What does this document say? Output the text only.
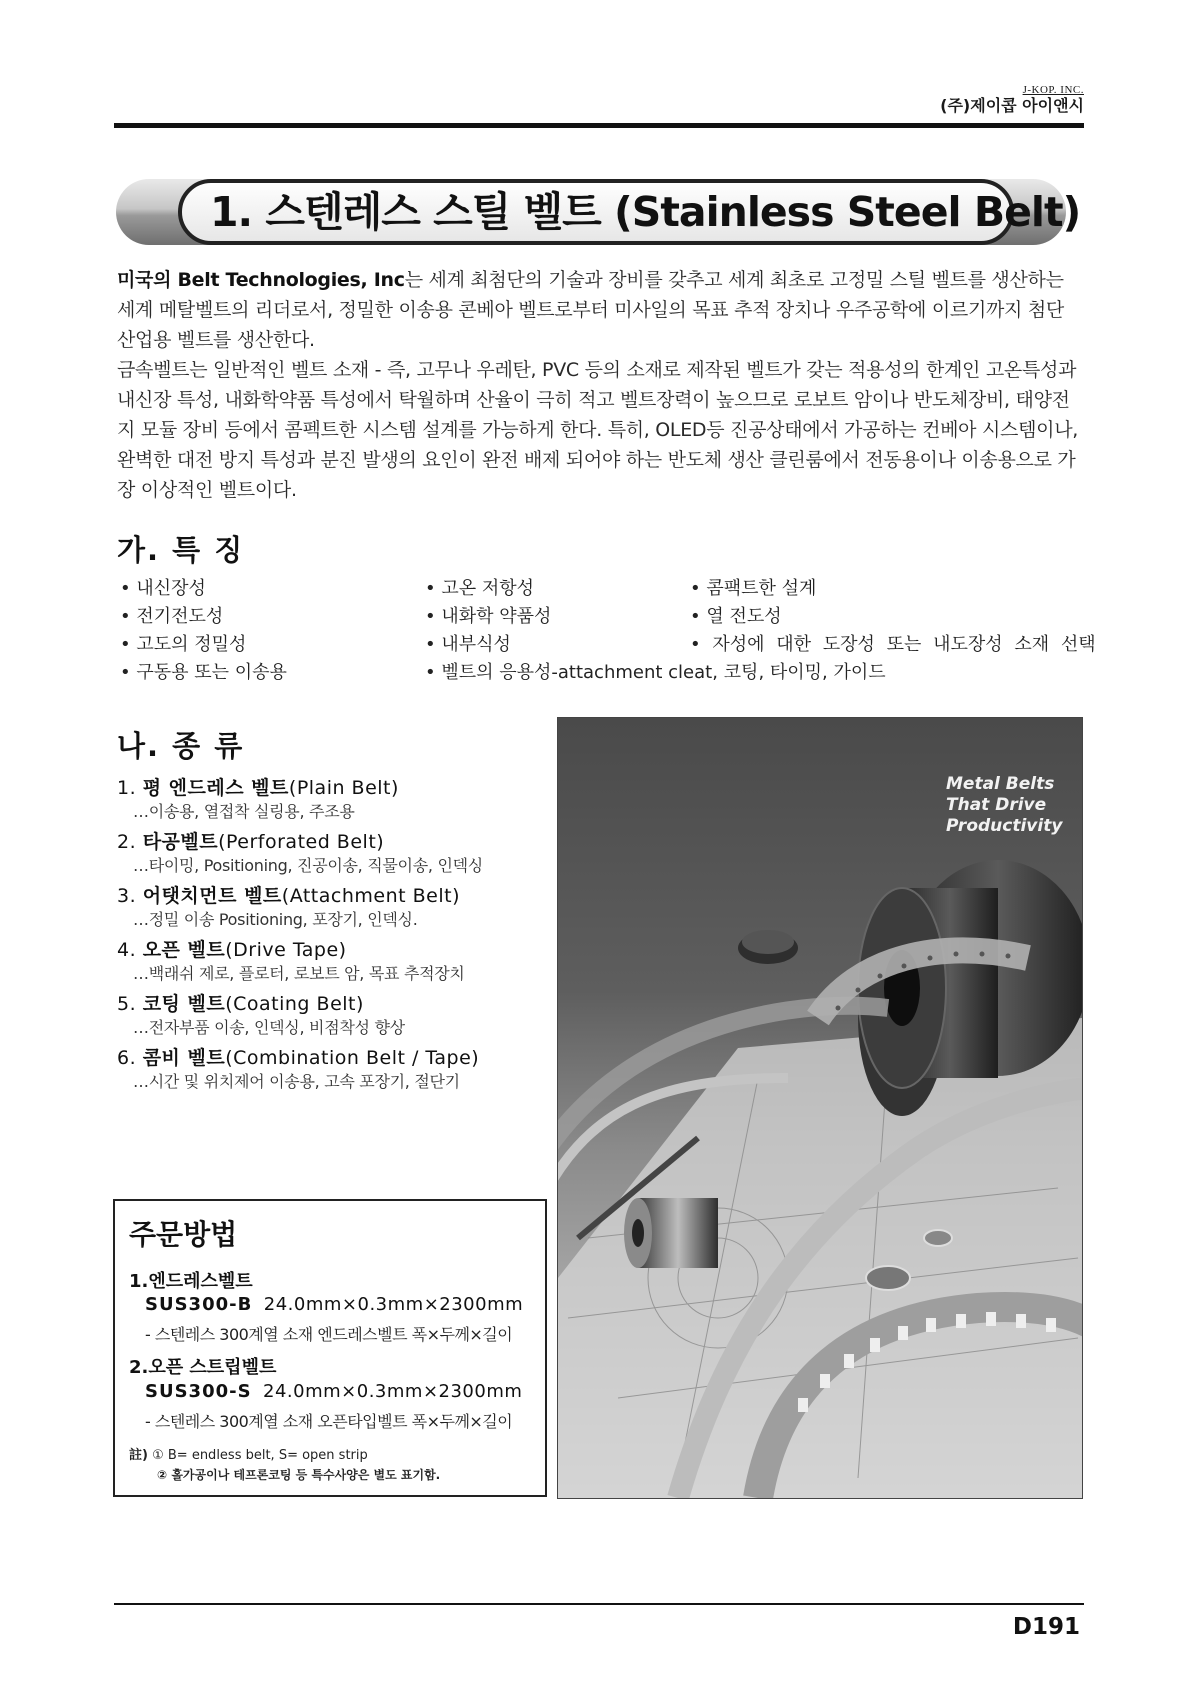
J-KOP. INC.
(주)제이콥 아이앤시
1. 스텐레스 스틸 벨트 (Stainless Steel Belt)

미국의 Belt Technologies, Inc는 세계 최첨단의 기술과 장비를 갖추고 세계 최초로 고정밀 스틸 벨트를 생산하는 세계 메탈벨트의 리더로서, 정밀한 이송용 콘베아 벨트로부터 미사일의 목표 추적 장치나 우주공학에 이르기까지 첨단 산업용 벨트를 생산한다.

금속벨트는 일반적인 벨트 소재 - 즉, 고무나 우레탄, PVC 등의 소재로 제작된 벨트가 갖는 적용성의 한계인 고온특성과 내신장 특성, 내화학약품 특성에서 탁월하며 산율이 극히 적고 벨트장력이 높으므로 로보트 암이나 반도체장비, 태양전지 모듈 장비 등에서 콤펙트한 시스템 설계를 가능하게 한다. 특히, OLED등 진공상태에서 가공하는 컨베아 시스템이나, 완벽한 대전 방지 특성과 분진 발생의 요인이 완전 배제 되어야 하는 반도체 생산 클린룸에서 전동용이나 이송용으로 가장 이상적인 벨트이다.

가. 특 징
• 내신장성	• 고온 저항성	• 콤팩트한 설계
• 전기전도성	• 내화학 약품성	• 열 전도성
• 고도의 정밀성	• 내부식성	• 자성에 대한 도장성 또는 내도장성 소재 선택
• 구동용 또는 이송용	• 벨트의 응용성-attachment cleat, 코팅, 타이밍, 가이드
나. 종 류
1. 평 엔드레스 벨트(Plain Belt)
…이송용, 열접착 실링용, 주조용
2. 타공벨트(Perforated Belt)
…타이밍, Positioning, 진공이송, 직물이송, 인덱싱
3. 어탯치먼트 벨트(Attachment Belt)
…정밀 이송 Positioning, 포장기, 인덱싱.
4. 오픈 벨트(Drive Tape)
…백래쉬 제로, 플로터, 로보트 암, 목표 추적장치
5. 코팅 벨트(Coating Belt)
…전자부품 이송, 인덱싱, 비점착성 향상
6. 콤비 벨트(Combination Belt / Tape)
…시간 및 위치제어 이송용, 고속 포장기, 절단기
Metal Belts
That Drive
Productivity
주문방법
1.엔드레스벨트
SUS300-B 24.0mm×0.3mm×2300mm
- 스텐레스 300계열 소재 엔드레스벨트 폭×두께×길이
2.오픈 스트립벨트
SUS300-S 24.0mm×0.3mm×2300mm
- 스텐레스 300계열 소재 오픈타입벨트 폭×두께×길이
註) ① B= endless belt, S= open strip
② 홀가공이나 테프론코팅 등 특수사양은 별도 표기함.
D191
